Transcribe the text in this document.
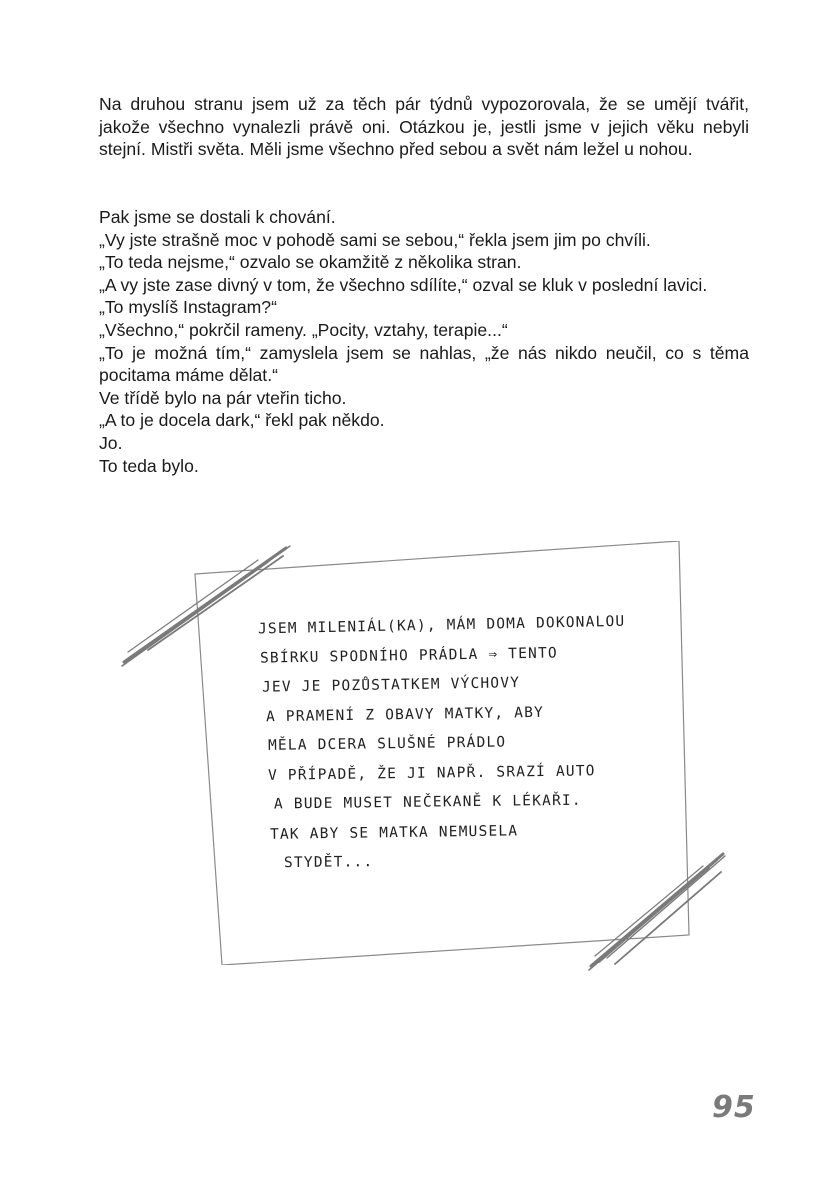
Na druhou stranu jsem už za těch pár týdnů vypozorovala, že se umějí tvářit, jakože všechno vynalezli právě oni. Otázkou je, jestli jsme v jejich věku nebyli stejní. Mistři světa. Měli jsme všechno před sebou a svět nám ležel u nohou.

Pak jsme se dostali k chování.
„Vy jste strašně moc v pohodě sami se sebou,“ řekla jsem jim po chvíli.
„To teda nejsme,“ ozvalo se okamžitě z několika stran.
„A vy jste zase divný v tom, že všechno sdílíte,“ ozval se kluk v poslední lavici.
„To myslíš Instagram?“
„Všechno,“ pokrčil rameny. „Pocity, vztahy, terapie...“
„To je možná tím,“ zamyslela jsem se nahlas, „že nás nikdo neučil, co s těma pocitama máme dělat.“
Ve třídě bylo na pár vteřin ticho.
„A to je docela dark,“ řekl pak někdo.
Jo.
To teda bylo.
JSEM MILENIÁL(KA), MÁM DOMA DOKONALOU
SBÍRKU SPODNÍHO PRÁDLA ⇒ TENTO
JEV JE POZŮSTATKEM VÝCHOVY
A PRAMENÍ Z OBAVY MATKY, ABY
MĚLA DCERA SLUŠNÉ PRÁDLO
V PŘÍPADĚ, ŽE JI NAPŘ. SRAZÍ AUTO
A BUDE MUSET NEČEKANĚ K LÉKAŘI.
TAK ABY SE MATKA NEMUSELA
STYDĚT...
95
